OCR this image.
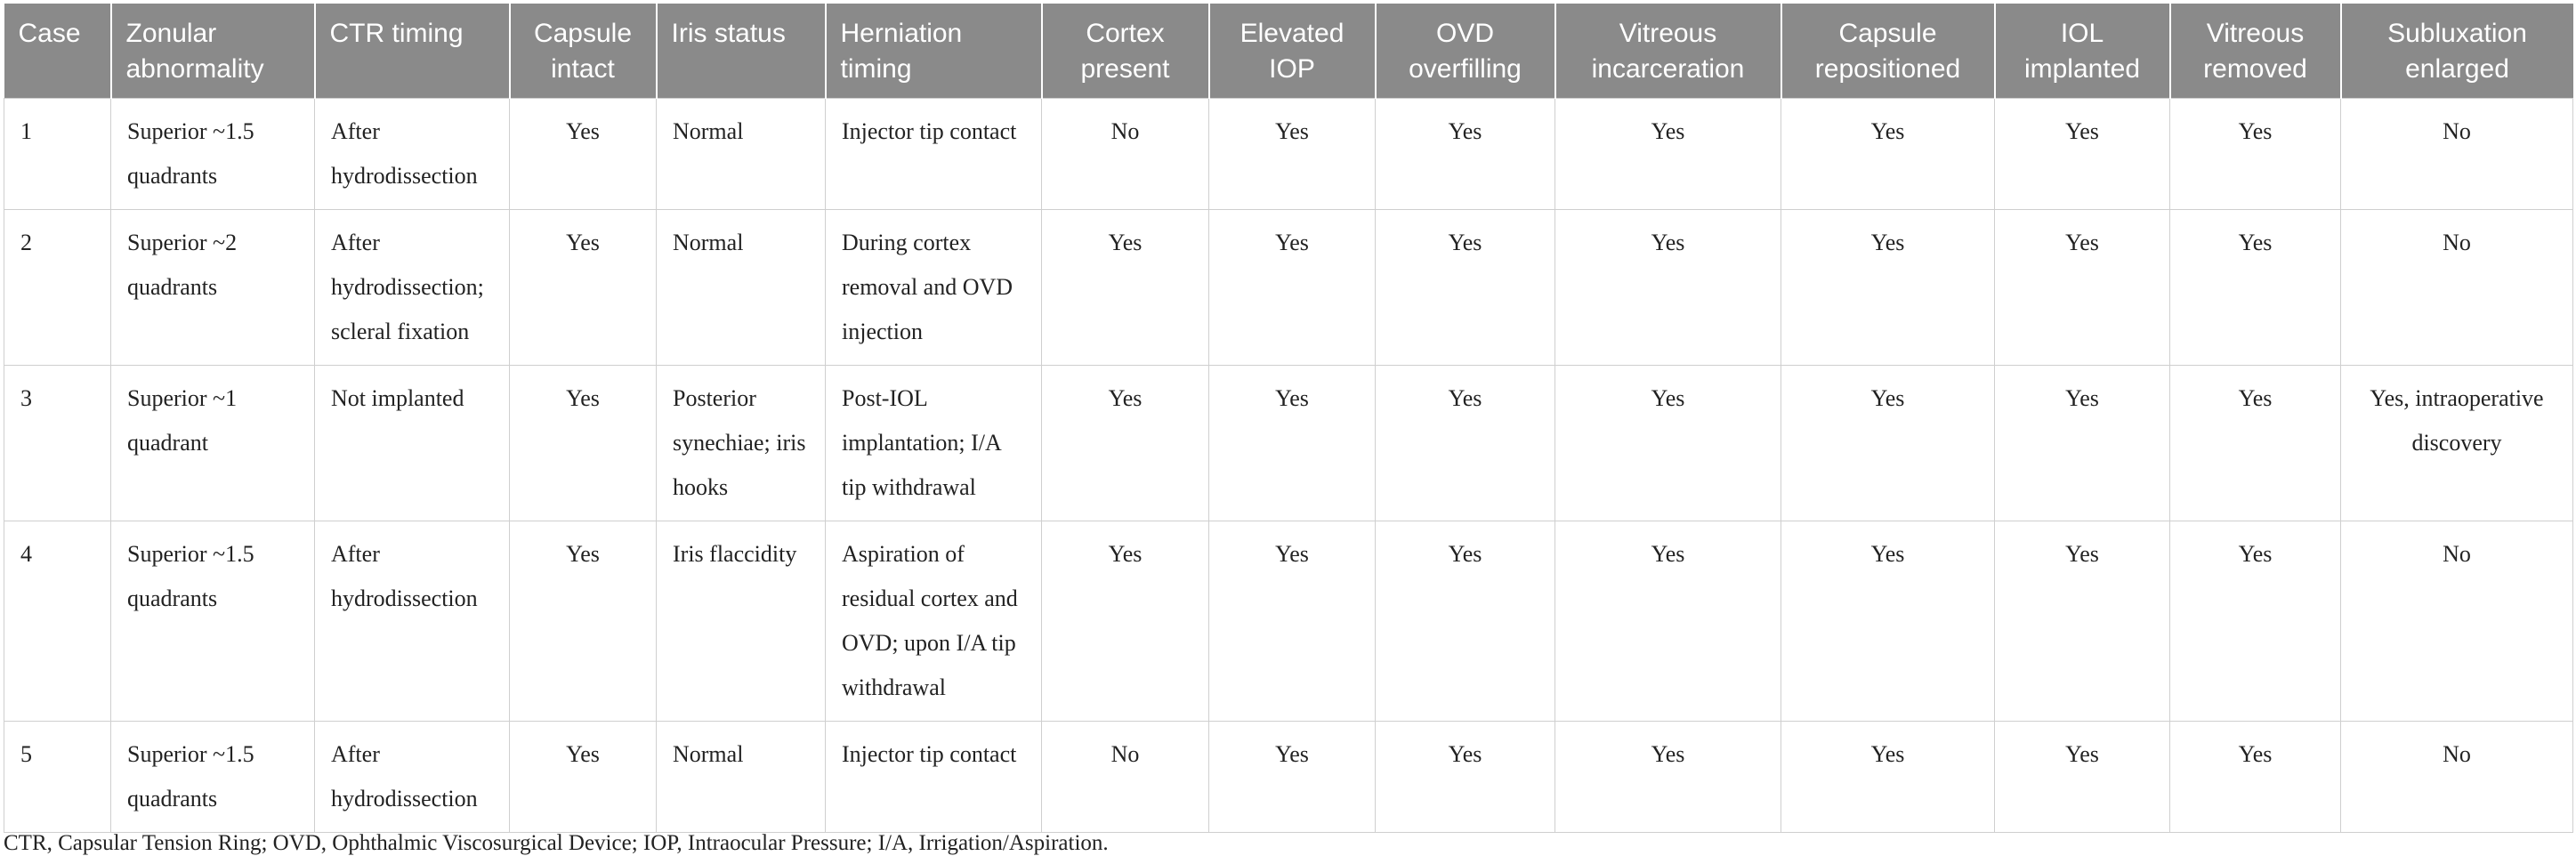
Case	Zonular abnormality	CTR timing	Capsule intact	Iris status	Herniation timing	Cortex present	Elevated IOP	OVD overfilling	Vitreous incarceration	Capsule repositioned	IOL implanted	Vitreous removed	Subluxation enlarged
1	Superior ~1.5 quadrants	After hydrodissection	Yes	Normal	Injector tip contact	No	Yes	Yes	Yes	Yes	Yes	Yes	No
2	Superior ~2 quadrants	After hydrodissection; scleral fixation	Yes	Normal	During cortex removal and OVD injection	Yes	Yes	Yes	Yes	Yes	Yes	Yes	No
3	Superior ~1 quadrant	Not implanted	Yes	Posterior synechiae; iris hooks	Post-IOL implantation; I/A tip withdrawal	Yes	Yes	Yes	Yes	Yes	Yes	Yes	Yes, intraoperative discovery
4	Superior ~1.5 quadrants	After hydrodissection	Yes	Iris flaccidity	Aspiration of residual cortex and OVD; upon I/A tip withdrawal	Yes	Yes	Yes	Yes	Yes	Yes	Yes	No
5	Superior ~1.5 quadrants	After hydrodissection	Yes	Normal	Injector tip contact	No	Yes	Yes	Yes	Yes	Yes	Yes	No
CTR, Capsular Tension Ring; OVD, Ophthalmic Viscosurgical Device; IOP, Intraocular Pressure; I/A, Irrigation/Aspiration.
